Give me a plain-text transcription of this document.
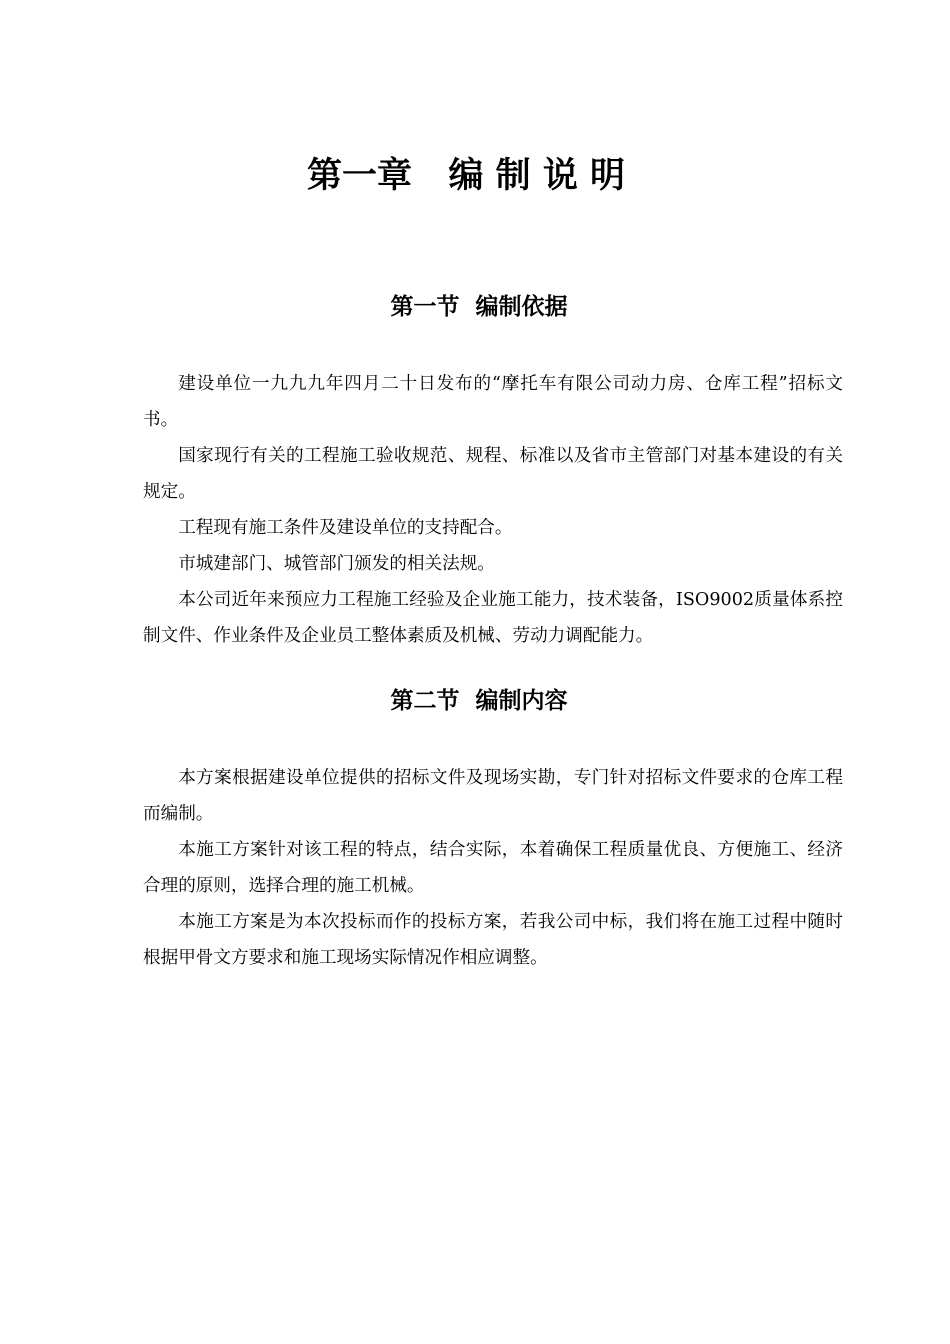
第一章   编 制 说 明
第一节  编制依据

建设单位一九九九年四月二十日发布的“摩托车有限公司动力房、仓库工程”招标文书。

国家现行有关的工程施工验收规范、规程、标准以及省市主管部门对基本建设的有关规定。

工程现有施工条件及建设单位的支持配合。

市城建部门、城管部门颁发的相关法规。

本公司近年来预应力工程施工经验及企业施工能力，技术装备，ISO9002质量体系控制文件、作业条件及企业员工整体素质及机械、劳动力调配能力。

第二节  编制内容

本方案根据建设单位提供的招标文件及现场实勘，专门针对招标文件要求的仓库工程而编制。

本施工方案针对该工程的特点，结合实际，本着确保工程质量优良、方便施工、经济合理的原则，选择合理的施工机械。

本施工方案是为本次投标而作的投标方案，若我公司中标，我们将在施工过程中随时根据甲骨文方要求和施工现场实际情况作相应调整。
